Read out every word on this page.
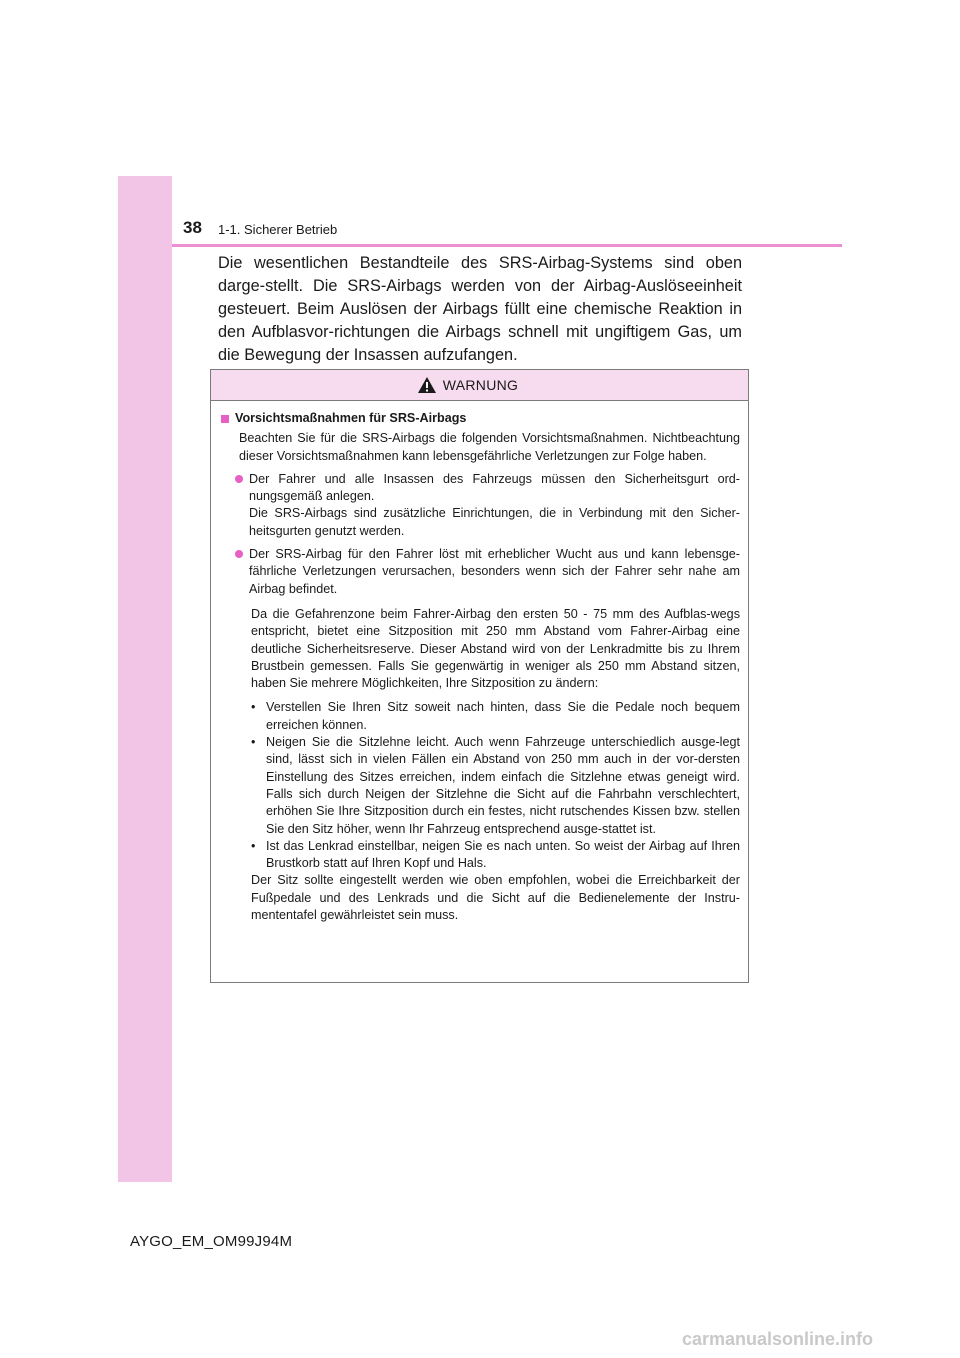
38 1-1. Sicherer Betrieb

Die wesentlichen Bestandteile des SRS-Airbag-Systems sind oben darge-stellt. Die SRS-Airbags werden von der Airbag-Auslöseeinheit gesteuert. Beim Auslösen der Airbags füllt eine chemische Reaktion in den Aufblasvor-richtungen die Airbags schnell mit ungiftigem Gas, um die Bewegung der Insassen aufzufangen.

WARNUNG
Vorsichtsmaßnahmen für SRS-Airbags

Beachten Sie für die SRS-Airbags die folgenden Vorsichtsmaßnahmen. Nichtbeachtung dieser Vorsichtsmaßnahmen kann lebensgefährliche Verletzungen zur Folge haben.

Der Fahrer und alle Insassen des Fahrzeugs müssen den Sicherheitsgurt ord-nungsgemäß anlegen.

Die SRS-Airbags sind zusätzliche Einrichtungen, die in Verbindung mit den Sicher-heitsgurten genutzt werden.

Der SRS-Airbag für den Fahrer löst mit erheblicher Wucht aus und kann lebensge-fährliche Verletzungen verursachen, besonders wenn sich der Fahrer sehr nahe am Airbag befindet.

Da die Gefahrenzone beim Fahrer-Airbag den ersten 50 - 75 mm des Aufblas-wegs entspricht, bietet eine Sitzposition mit 250 mm Abstand vom Fahrer-Airbag eine deutliche Sicherheitsreserve. Dieser Abstand wird von der Lenkradmitte bis zu Ihrem Brustbein gemessen. Falls Sie gegenwärtig in weniger als 250 mm Abstand sitzen, haben Sie mehrere Möglichkeiten, Ihre Sitzposition zu ändern:

• Verstellen Sie Ihren Sitz soweit nach hinten, dass Sie die Pedale noch bequem erreichen können.
• Neigen Sie die Sitzlehne leicht. Auch wenn Fahrzeuge unterschiedlich ausge-legt sind, lässt sich in vielen Fällen ein Abstand von 250 mm auch in der vor-dersten Einstellung des Sitzes erreichen, indem einfach die Sitzlehne etwas geneigt wird. Falls sich durch Neigen der Sitzlehne die Sicht auf die Fahrbahn verschlechtert, erhöhen Sie Ihre Sitzposition durch ein festes, nicht rutschendes Kissen bzw. stellen Sie den Sitz höher, wenn Ihr Fahrzeug entsprechend ausge-stattet ist.
• Ist das Lenkrad einstellbar, neigen Sie es nach unten. So weist der Airbag auf Ihren Brustkorb statt auf Ihren Kopf und Hals.

Der Sitz sollte eingestellt werden wie oben empfohlen, wobei die Erreichbarkeit der Fußpedale und des Lenkrads und die Sicht auf die Bedienelemente der Instru-mententafel gewährleistet sein muss.

AYGO_EM_OM99J94M
carmanualsonline.info
